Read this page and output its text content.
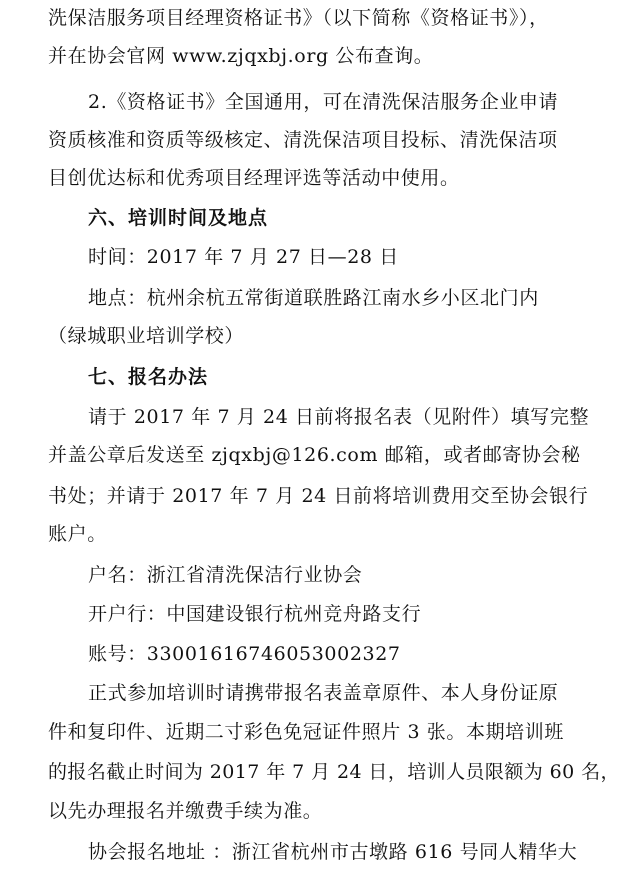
洗保洁服务项目经理资格证书》（以下简称《资格证书》），
并在协会官网 www.zjqxbj.org 公布查询。
2.《资格证书》全国通用，可在清洗保洁服务企业申请
资质核准和资质等级核定、清洗保洁项目投标、清洗保洁项
目创优达标和优秀项目经理评选等活动中使用。
六、培训时间及地点
时间：2017 年 7 月 27 日—28 日
地点：杭州余杭五常街道联胜路江南水乡小区北门内
（绿城职业培训学校）
七、报名办法
请于 2017 年 7 月 24 日前将报名表（见附件）填写完整
并盖公章后发送至 zjqxbj@126.com 邮箱，或者邮寄协会秘
书处；并请于 2017 年 7 月 24 日前将培训费用交至协会银行
账户。
户名：浙江省清洗保洁行业协会
开户行：中国建设银行杭州竞舟路支行
账号：33001616746053002327
正式参加培训时请携带报名表盖章原件、本人身份证原
件和复印件、近期二寸彩色免冠证件照片 3 张。本期培训班
的报名截止时间为 2017 年 7 月 24 日，培训人员限额为 60 名，
以先办理报名并缴费手续为准。
协会报名地址 ：浙江省杭州市古墩路 616 号同人精华大
